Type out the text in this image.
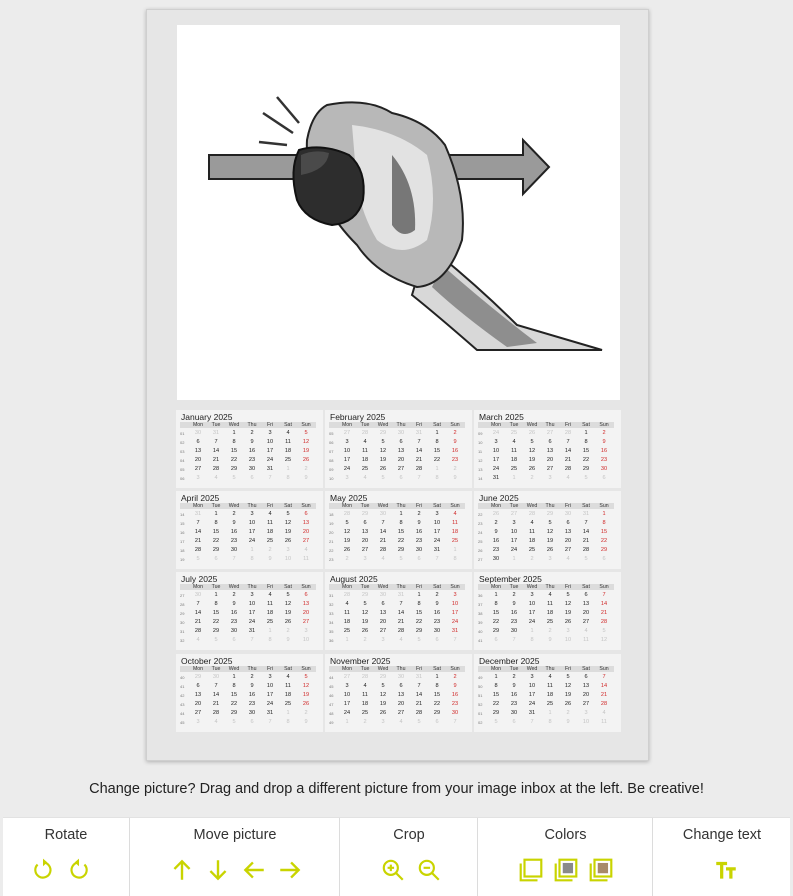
January 2025
Mon	Tue	Wed	Thu	Fri	Sat	Sun
01	30	31	1	2	3	4	5
02	6	7	8	9	10	11	12
03	13	14	15	16	17	18	19
04	20	21	22	23	24	25	26
05	27	28	29	30	31	1	2
06	3	4	5	6	7	8	9
February 2025
Mon	Tue	Wed	Thu	Fri	Sat	Sun
05	27	28	29	30	31	1	2
06	3	4	5	6	7	8	9
07	10	11	12	13	14	15	16
08	17	18	19	20	21	22	23
09	24	25	26	27	28	1	2
10	3	4	5	6	7	8	9
March 2025
Mon	Tue	Wed	Thu	Fri	Sat	Sun
09	24	25	26	27	28	1	2
10	3	4	5	6	7	8	9
11	10	11	12	13	14	15	16
12	17	18	19	20	21	22	23
13	24	25	26	27	28	29	30
14	31	1	2	3	4	5	6
April 2025
Mon	Tue	Wed	Thu	Fri	Sat	Sun
14	31	1	2	3	4	5	6
15	7	8	9	10	11	12	13
16	14	15	16	17	18	19	20
17	21	22	23	24	25	26	27
18	28	29	30	1	2	3	4
19	5	6	7	8	9	10	11
May 2025
Mon	Tue	Wed	Thu	Fri	Sat	Sun
18	28	29	30	1	2	3	4
19	5	6	7	8	9	10	11
20	12	13	14	15	16	17	18
21	19	20	21	22	23	24	25
22	26	27	28	29	30	31	1
23	2	3	4	5	6	7	8
June 2025
Mon	Tue	Wed	Thu	Fri	Sat	Sun
22	26	27	28	29	30	31	1
23	2	3	4	5	6	7	8
24	9	10	11	12	13	14	15
25	16	17	18	19	20	21	22
26	23	24	25	26	27	28	29
27	30	1	2	3	4	5	6
July 2025
Mon	Tue	Wed	Thu	Fri	Sat	Sun
27	30	1	2	3	4	5	6
28	7	8	9	10	11	12	13
29	14	15	16	17	18	19	20
30	21	22	23	24	25	26	27
31	28	29	30	31	1	2	3
32	4	5	6	7	8	9	10
August 2025
Mon	Tue	Wed	Thu	Fri	Sat	Sun
31	28	29	30	31	1	2	3
32	4	5	6	7	8	9	10
33	11	12	13	14	15	16	17
34	18	19	20	21	22	23	24
35	25	26	27	28	29	30	31
36	1	2	3	4	5	6	7
September 2025
Mon	Tue	Wed	Thu	Fri	Sat	Sun
36	1	2	3	4	5	6	7
37	8	9	10	11	12	13	14
38	15	16	17	18	19	20	21
39	22	23	24	25	26	27	28
40	29	30	1	2	3	4	5
41	6	7	8	9	10	11	12
October 2025
Mon	Tue	Wed	Thu	Fri	Sat	Sun
40	29	30	1	2	3	4	5
41	6	7	8	9	10	11	12
42	13	14	15	16	17	18	19
43	20	21	22	23	24	25	26
44	27	28	29	30	31	1	2
45	3	4	5	6	7	8	9
November 2025
Mon	Tue	Wed	Thu	Fri	Sat	Sun
44	27	28	29	30	31	1	2
45	3	4	5	6	7	8	9
46	10	11	12	13	14	15	16
47	17	18	19	20	21	22	23
48	24	25	26	27	28	29	30
49	1	2	3	4	5	6	7
December 2025
Mon	Tue	Wed	Thu	Fri	Sat	Sun
49	1	2	3	4	5	6	7
50	8	9	10	11	12	13	14
51	15	16	17	18	19	20	21
52	22	23	24	25	26	27	28
01	29	30	31	1	2	3	4
02	5	6	7	8	9	10	11
Change picture? Drag and drop a different picture from your image inbox at the left. Be creative!
Rotate	Move picture	Crop	Colors	Change text
